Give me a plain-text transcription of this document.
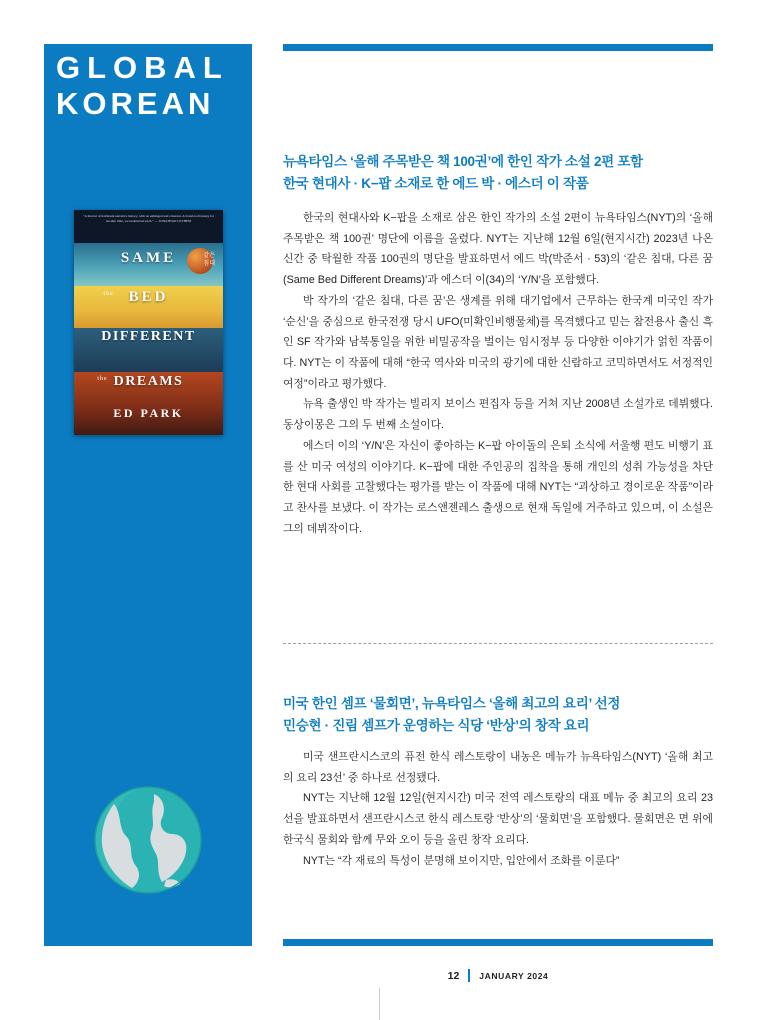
GLOBAL
KOREAN
“A marvel of hairbrush narrative history, with an unhinged and coherent. A brand-fed fantasy for another time, we understand each.” — JONATHAN LETHEM
SAME
the BED
DIFFERENT
the DREAMS
같은
침대
ED PARK
뉴욕타임스 ‘올해 주목받은 책 100권’에 한인 작가 소설 2편 포함
한국 현대사 · K−팝 소재로 한 에드 박 · 에스더 이 작품

한국의 현대사와 K−팝을 소재로 삼은 한인 작가의 소설 2편이 뉴욕타임스(NYT)의 ‘올해 주목받은 책 100권’ 명단에 이름을 올렸다. NYT는 지난해 12월 6일(현지시간) 2023년 나온 신간 중 탁월한 작품 100권의 명단을 발표하면서 에드 박(박준서 · 53)의 ‘같은 침대, 다른 꿈(Same Bed Different Dreams)’과 에스더 이(34)의 ‘Y/N’을 포함했다.

박 작가의 ‘같은 침대, 다른 꿈’은 생계를 위해 대기업에서 근무하는 한국계 미국인 작가 ‘순신’을 중심으로 한국전쟁 당시 UFO(미확인비행물체)를 목격했다고 믿는 참전용사 출신 흑인 SF 작가와 남북통일을 위한 비밀공작을 벌이는 임시정부 등 다양한 이야기가 얽힌 작품이다. NYT는 이 작품에 대해 “한국 역사와 미국의 광기에 대한 신람하고 코믹하면서도 서정적인 여정”이라고 평가했다.

뉴욕 출생인 박 작가는 빌리지 보이스 편집자 등을 거쳐 지난 2008년 소설가로 데뷔했다. 동상이몽은 그의 두 번째 소설이다.

에스더 이의 ‘Y/N’은 자신이 좋아하는 K−팝 아이돌의 은퇴 소식에 서울행 편도 비행기 표를 산 미국 여성의 이야기다. K−팝에 대한 주인공의 집착을 통해 개인의 성취 가능성을 차단한 현대 사회를 고찰했다는 평가를 받는 이 작품에 대해 NYT는 “괴상하고 경이로운 작품”이라고 찬사를 보냈다. 이 작가는 로스앤젠레스 출생으로 현재 독일에 거주하고 있으며, 이 소설은 그의 데뷔작이다.

미국 한인 셈프 ‘물회면’, 뉴욕타임스 ‘올해 최고의 요리’ 선정
민승현 · 진림 셈프가 운영하는 식당 ‘반상’의 창작 요리

미국 샌프란시스코의 퓨전 한식 레스토랑이 내농은 메뉴가 뉴욕타임스(NYT) ‘올해 최고의 요리 23선’ 중 하나로 선정됐다.

NYT는 지난해 12월 12일(현지시간) 미국 전역 레스토랑의 대표 메뉴 중 최고의 요리 23선을 발표하면서 샌프란시스코 한식 레스토랑 ‘반상’의 ‘물회면’을 포함했다. 물회면은 면 위에 한국식 물회와 함께 무와 오이 등을 올린 창작 요리다.

NYT는 “각 재료의 특성이 분명해 보이지만, 입안에서 조화를 이룬다”

12 JANUARY 2024
